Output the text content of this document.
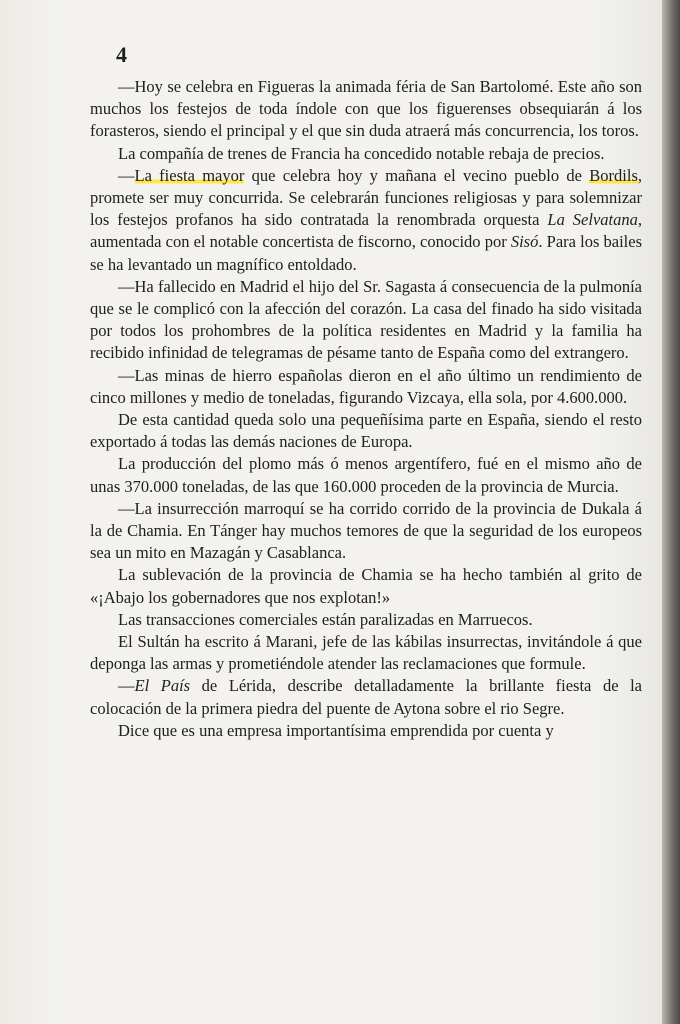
4

—Hoy se celebra en Figueras la animada féria de San Bartolomé. Este año son muchos los festejos de toda índole con que los figuerenses obsequiarán á los forasteros, siendo el principal y el que sin duda atraerá más concurrencia, los toros.

La compañía de trenes de Francia ha concedido notable rebaja de precios.

—La fiesta mayor que celebra hoy y mañana el vecino pueblo de Bordils, promete ser muy concurrida. Se celebrarán funciones religiosas y para solemnizar los festejos profanos ha sido contratada la renombrada orquesta La Selvatana, aumentada con el notable concertista de fiscorno, conocido por Sisó. Para los bailes se ha levantado un magnífico entoldado.

—Ha fallecido en Madrid el hijo del Sr. Sagasta á consecuencia de la pulmonía que se le complicó con la afección del corazón. La casa del finado ha sido visitada por todos los prohombres de la política residentes en Madrid y la familia ha recibido infinidad de telegramas de pésame tanto de España como del extrangero.

—Las minas de hierro españolas dieron en el año último un rendimiento de cinco millones y medio de toneladas, figurando Vizcaya, ella sola, por 4.600.000.

De esta cantidad queda solo una pequeñísima parte en España, siendo el resto exportado á todas las demás naciones de Europa.

La producción del plomo más ó menos argentífero, fué en el mismo año de unas 370.000 toneladas, de las que 160.000 proceden de la provincia de Murcia.

—La insurrección marroquí se ha corrido corrido de la provincia de Dukala á la de Chamia. En Tánger hay muchos temores de que la seguridad de los europeos sea un mito en Mazagán y Casablanca.

La sublevación de la provincia de Chamia se ha hecho también al grito de «¡Abajo los gobernadores que nos explotan!»

Las transacciones comerciales están paralizadas en Marruecos.

El Sultán ha escrito á Marani, jefe de las kábilas insurrectas, invitándole á que deponga las armas y prometiéndole atender las reclamaciones que formule.

—El País de Lérida, describe detalladamente la brillante fiesta de la colocación de la primera piedra del puente de Aytona sobre el rio Segre.

Dice que es una empresa importantísima emprendida por cuenta y
